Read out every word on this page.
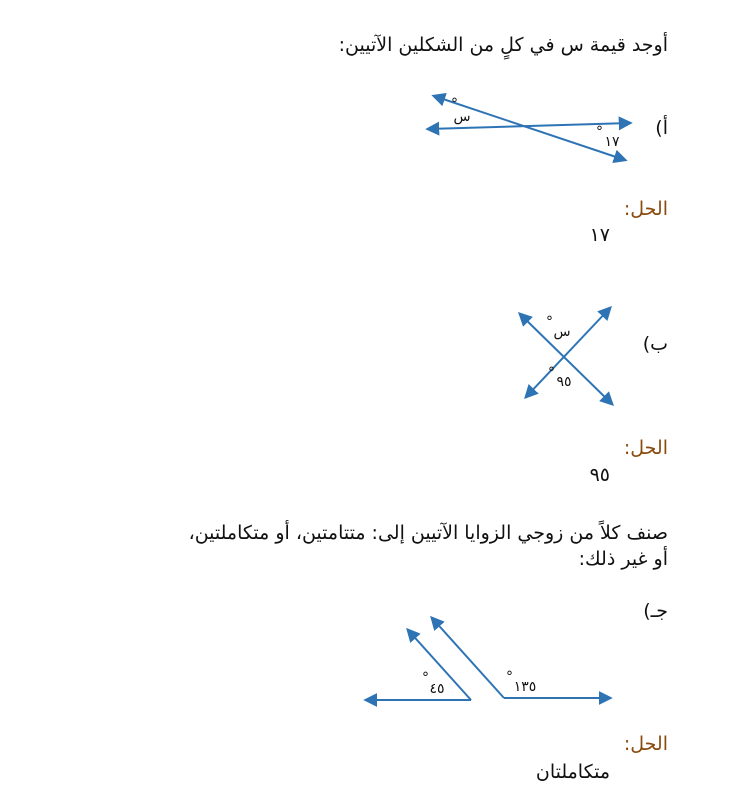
أوجد قيمة س في كلٍ من الشكلين الآتيين:
أ)
س
°
١٧
°
الحل:
١٧
ب)
س
°
٩٥
°
الحل:
٩٥
صنف كلاً من زوجي الزوايا الآتيين إلى: متتامتين، أو متكاملتين،
أو غير ذلك:
جـ)
٤٥
°
١٣٥
°
الحل:
متكاملتان
